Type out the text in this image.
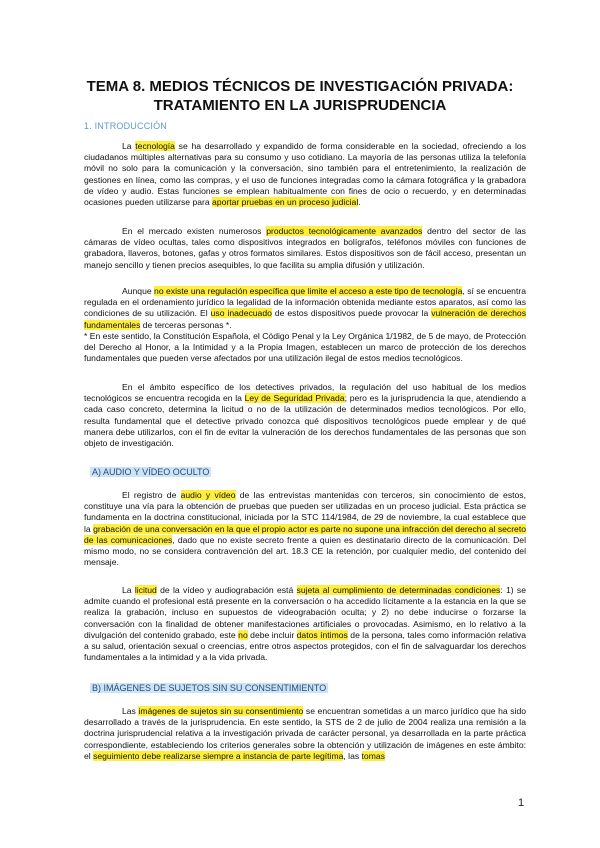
TEMA 8. MEDIOS TÉCNICOS DE INVESTIGACIÓN PRIVADA:
TRATAMIENTO EN LA JURISPRUDENCIA
1. INTRODUCCIÓN

La tecnología se ha desarrollado y expandido de forma considerable en la sociedad, ofreciendo a los ciudadanos múltiples alternativas para su consumo y uso cotidiano. La mayoría de las personas utiliza la telefonía móvil no solo para la comunicación y la conversación, sino también para el entretenimiento, la realización de gestiones en línea, como las compras, y el uso de funciones integradas como la cámara fotográfica y la grabadora de vídeo y audio. Estas funciones se emplean habitualmente con fines de ocio o recuerdo, y en determinadas ocasiones pueden utilizarse para aportar pruebas en un proceso judicial.

En el mercado existen numerosos productos tecnológicamente avanzados dentro del sector de las cámaras de vídeo ocultas, tales como dispositivos integrados en bolígrafos, teléfonos móviles con funciones de grabadora, llaveros, botones, gafas y otros formatos similares. Estos dispositivos son de fácil acceso, presentan un manejo sencillo y tienen precios asequibles, lo que facilita su amplia difusión y utilización.

Aunque no existe una regulación específica que limite el acceso a este tipo de tecnología, sí se encuentra regulada en el ordenamiento jurídico la legalidad de la información obtenida mediante estos aparatos, así como las condiciones de su utilización. El uso inadecuado de estos dispositivos puede provocar la vulneración de derechos fundamentales de terceras personas *.
* En este sentido, la Constitución Española, el Código Penal y la Ley Orgánica 1/1982, de 5 de mayo, de Protección del Derecho al Honor, a la Intimidad y a la Propia Imagen, establecen un marco de protección de los derechos fundamentales que pueden verse afectados por una utilización ilegal de estos medios tecnológicos.

En el ámbito específico de los detectives privados, la regulación del uso habitual de los medios tecnológicos se encuentra recogida en la Ley de Seguridad Privada; pero es la jurisprudencia la que, atendiendo a cada caso concreto, determina la licitud o no de la utilización de determinados medios tecnológicos. Por ello, resulta fundamental que el detective privado conozca qué dispositivos tecnológicos puede emplear y de qué manera debe utilizarlos, con el fin de evitar la vulneración de los derechos fundamentales de las personas que son objeto de investigación.

A) AUDIO Y VÍDEO OCULTO

El registro de audio y vídeo de las entrevistas mantenidas con terceros, sin conocimiento de estos, constituye una vía para la obtención de pruebas que pueden ser utilizadas en un proceso judicial. Esta práctica se fundamenta en la doctrina constitucional, iniciada por la STC 114/1984, de 29 de noviembre, la cual establece que la grabación de una conversación en la que el propio actor es parte no supone una infracción del derecho al secreto de las comunicaciones, dado que no existe secreto frente a quien es destinatario directo de la comunicación. Del mismo modo, no se considera contravención del art. 18.3 CE la retención, por cualquier medio, del contenido del mensaje.

La licitud de la vídeo y audiograbación está sujeta al cumplimiento de determinadas condiciones: 1) se admite cuando el profesional está presente en la conversación o ha accedido lícitamente a la estancia en la que se realiza la grabación, incluso en supuestos de videograbación oculta; y 2) no debe inducirse o forzarse la conversación con la finalidad de obtener manifestaciones artificiales o provocadas. Asimismo, en lo relativo a la divulgación del contenido grabado, este no debe incluir datos íntimos de la persona, tales como información relativa a su salud, orientación sexual o creencias, entre otros aspectos protegidos, con el fin de salvaguardar los derechos fundamentales a la intimidad y a la vida privada.

B) IMÁGENES DE SUJETOS SIN SU CONSENTIMIENTO

Las imágenes de sujetos sin su consentimiento se encuentran sometidas a un marco jurídico que ha sido desarrollado a través de la jurisprudencia. En este sentido, la STS de 2 de julio de 2004 realiza una remisión a la doctrina jurisprudencial relativa a la investigación privada de carácter personal, ya desarrollada en la parte práctica correspondiente, estableciendo los criterios generales sobre la obtención y utilización de imágenes en este ámbito: el seguimiento debe realizarse siempre a instancia de parte legítima, las tomas

1
